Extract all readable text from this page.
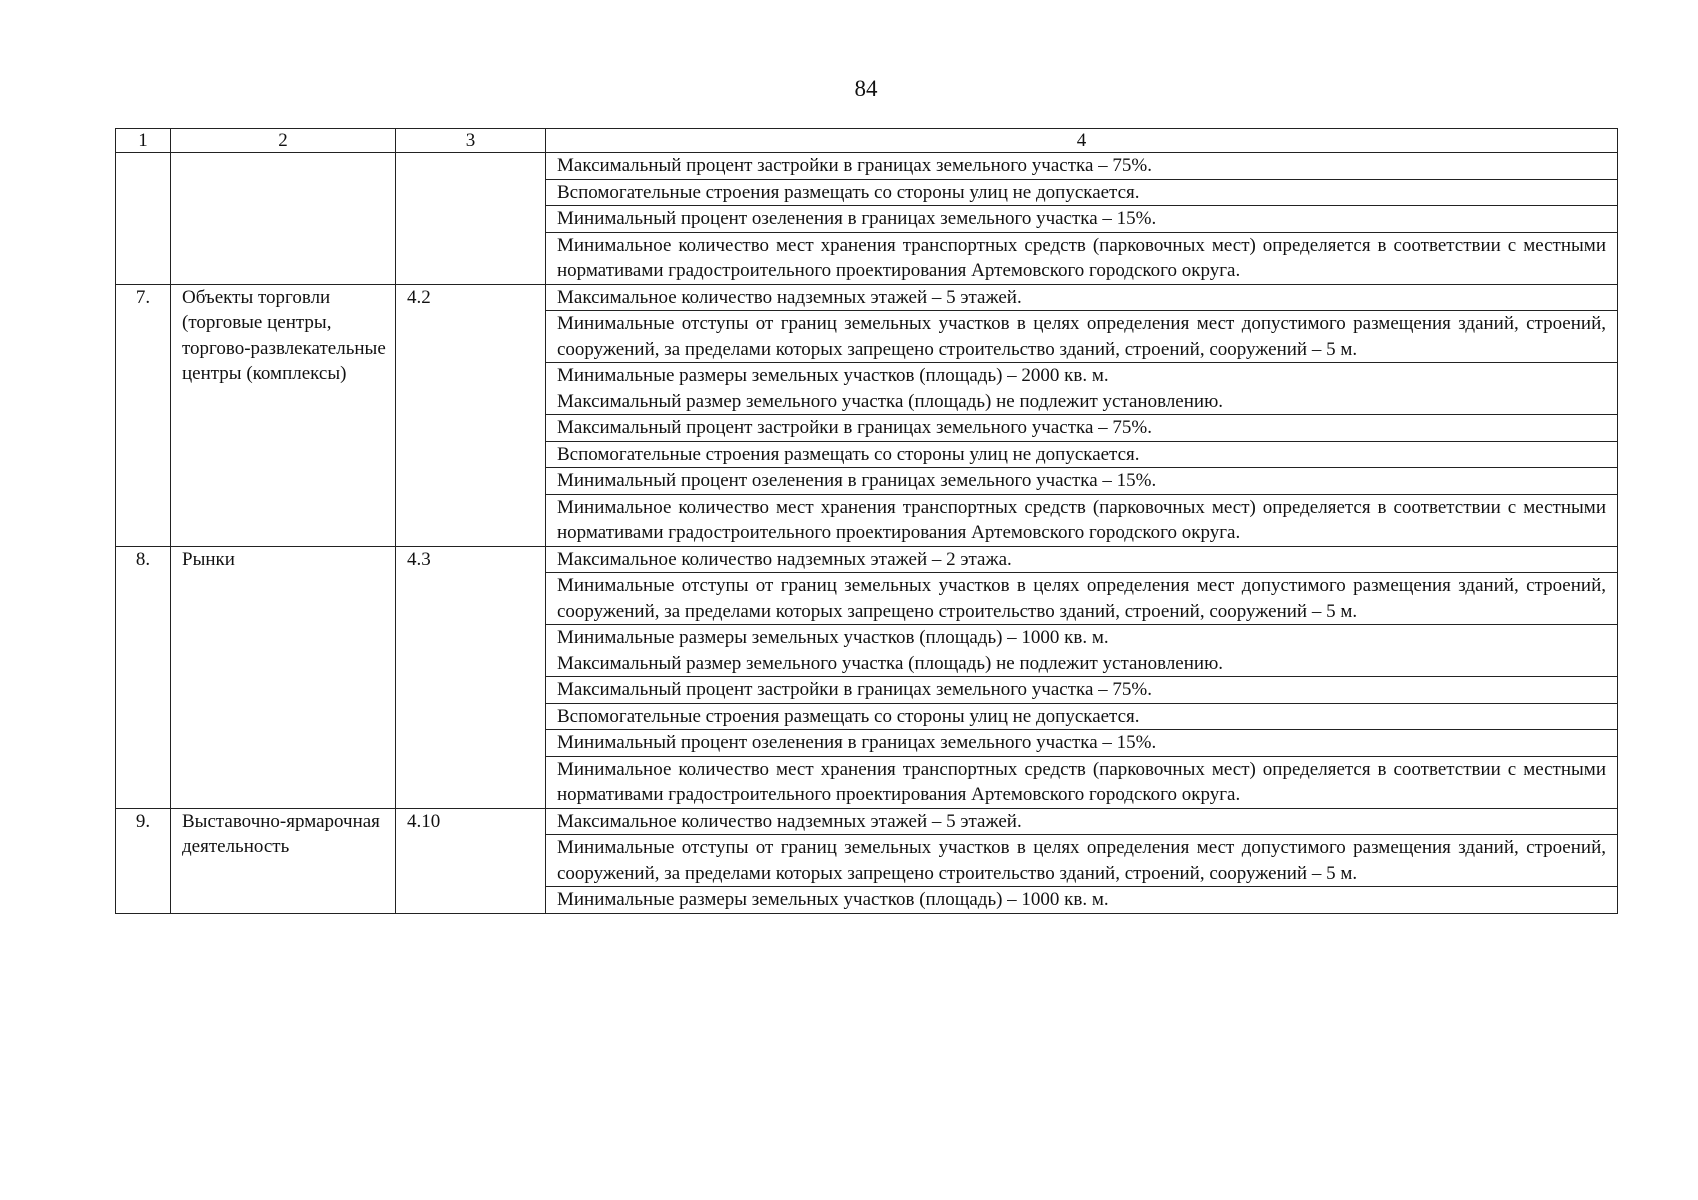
84
1	2	3	4

Максимальный процент застройки в границах земельного участка – 75%.
Вспомогательные строения размещать со стороны улиц не допускается.
Минимальный процент озеленения в границах земельного участка – 15%.
Минимальное количество мест хранения транспортных средств (парковочных мест) определяется в соответствии с местными нормативами градостроительного проектирования Артемовского городского округа.

7.	Объекты торговли (торговые центры, торгово-развлекательные центры (комплексы)	4.2		Максимальное количество надземных этажей – 5 этажей.
Минимальные отступы от границ земельных участков в целях определения мест допустимого размещения зданий, строений, сооружений, за пределами которых запрещено строительство зданий, строений, сооружений – 5 м.
Минимальные размеры земельных участков (площадь) – 2000 кв. м.
Максимальный размер земельного участка (площадь) не подлежит установлению.
Максимальный процент застройки в границах земельного участка – 75%.
Вспомогательные строения размещать со стороны улиц не допускается.
Минимальный процент озеленения в границах земельного участка – 15%.
Минимальное количество мест хранения транспортных средств (парковочных мест) определяется в соответствии с местными нормативами градостроительного проектирования Артемовского городского округа.

8.	Рынки	4.3		Максимальное количество надземных этажей – 2 этажа.
Минимальные отступы от границ земельных участков в целях определения мест допустимого размещения зданий, строений, сооружений, за пределами которых запрещено строительство зданий, строений, сооружений – 5 м.
Минимальные размеры земельных участков (площадь) – 1000 кв. м.
Максимальный размер земельного участка (площадь) не подлежит установлению.
Максимальный процент застройки в границах земельного участка – 75%.
Вспомогательные строения размещать со стороны улиц не допускается.
Минимальный процент озеленения в границах земельного участка – 15%.
Минимальное количество мест хранения транспортных средств (парковочных мест) определяется в соответствии с местными нормативами градостроительного проектирования Артемовского городского округа.

9.	Выставочно-ярмарочная деятельность	4.10		Максимальное количество надземных этажей – 5 этажей.
Минимальные отступы от границ земельных участков в целях определения мест допустимого размещения зданий, строений, сооружений, за пределами которых запрещено строительство зданий, строений, сооружений – 5 м.
Минимальные размеры земельных участков (площадь) – 1000 кв. м.
